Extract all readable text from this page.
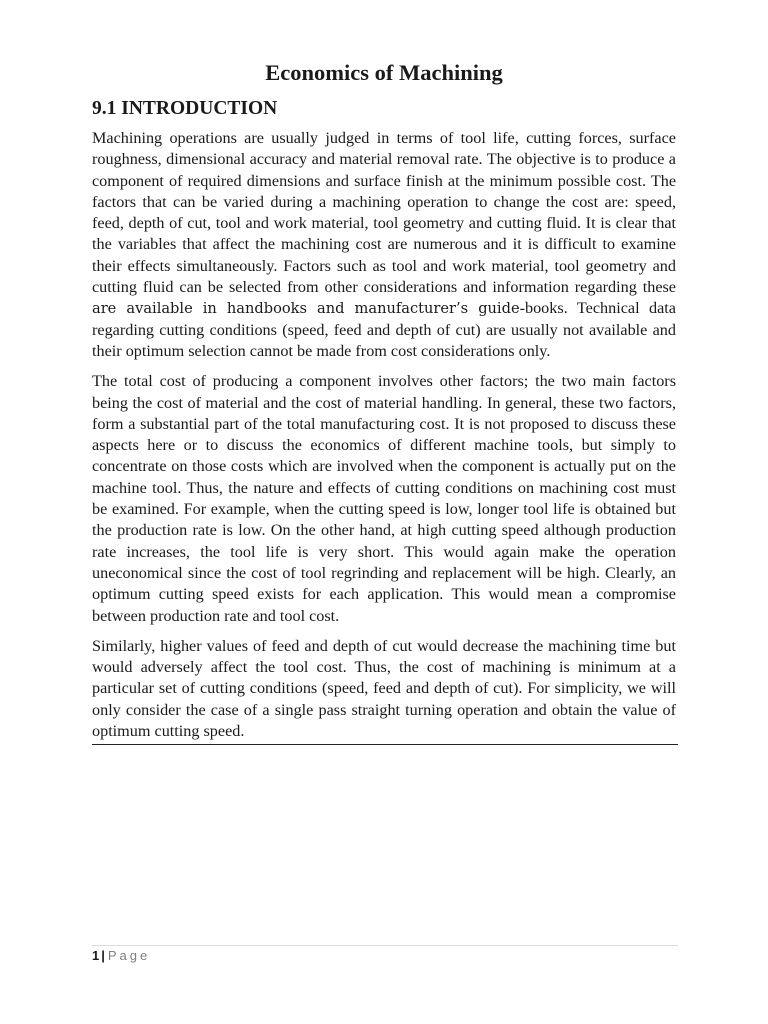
Economics of Machining
9.1 INTRODUCTION

Machining operations are usually judged in terms of tool life, cutting forces, surface roughness, dimensional accuracy and material removal rate. The objective is to produce a component of required dimensions and surface finish at the minimum possible cost. The factors that can be varied during a machining operation to change the cost are: speed, feed, depth of cut, tool and work material, tool geometry and cutting fluid. It is clear that the variables that affect the machining cost are numerous and it is difficult to examine their effects simultaneously. Factors such as tool and work material, tool geometry and cutting fluid can be selected from other considerations and information regarding these are available in handbooks and manufacturer’s guide-books. Technical data regarding cutting conditions (speed, feed and depth of cut) are usually not available and their optimum selection cannot be made from cost considerations only.

The total cost of producing a component involves other factors; the two main factors being the cost of material and the cost of material handling. In general, these two factors, form a substantial part of the total manufacturing cost. It is not proposed to discuss these aspects here or to discuss the economics of different machine tools, but simply to concentrate on those costs which are involved when the component is actually put on the machine tool. Thus, the nature and effects of cutting conditions on machining cost must be examined. For example, when the cutting speed is low, longer tool life is obtained but the production rate is low. On the other hand, at high cutting speed although production rate increases, the tool life is very short. This would again make the operation uneconomical since the cost of tool regrinding and replacement will be high. Clearly, an optimum cutting speed exists for each application. This would mean a compromise between production rate and tool cost.

Similarly, higher values of feed and depth of cut would decrease the machining time but would adversely affect the tool cost. Thus, the cost of machining is minimum at a particular set of cutting conditions (speed, feed and depth of cut). For simplicity, we will only consider the case of a single pass straight turning operation and obtain the value of optimum cutting speed.

1 | Page
